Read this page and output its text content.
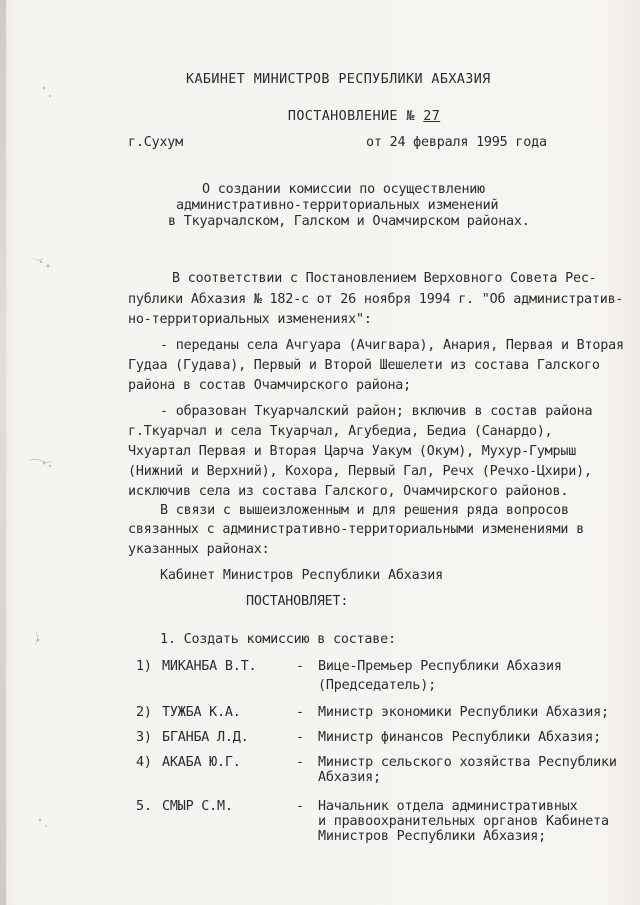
КАБИНЕТ МИНИСТРОВ РЕСПУБЛИКИ АБХАЗИЯ

ПОСТАНОВЛЕНИЕ № 27

г.Сухум	от 24 февраля 1995 года
О создании комиссии по осуществлению
административно-территориальных изменений
в Ткуарчалском, Галском и Очамчирском районах.
В соответствии с Постановлением Верховного Совета Рес-
публики Абхазия № 182-с от 26 ноября 1994 г. "Об административ-
но-территориальных изменениях":
- переданы села Ачгуара (Ачигвара), Анария, Первая и Вторая
Гудаа (Гудава), Первый и Второй Шешелети из состава Галского
района в состав Очамчирского района;
- образован Ткуарчалский район; включив в состав района
г.Ткуарчал и села Ткуарчал, Агубедиа, Бедиа (Санардо),
Чхуартал Первая и Вторая Царча Уакум (Окум), Мухур-Гумрыш
(Нижний и Верхний), Кохора, Первый Гал, Речх (Речхо-Цхири),
исключив села из состава Галского, Очамчирского районов.
В связи с вышеизложенным и для решения ряда вопросов
связанных с административно-территориальными изменениями в
указанных районах:
Кабинет Министров Республики Абхазия
ПОСТАНОВЛЯЕТ:
1. Создать комиссию в составе:
1) МИКАНБА В.Т.	- Вице-Премьер Республики Абхазия
(Председатель);
2) ТУЖБА К.А.	- Министр экономики Республики Абхазия;
3) БГАНБА Л.Д.	- Министр финансов Республики Абхазия;
4) АКАБА Ю.Г.	- Министр сельского хозяйства Республики
Абхазия;
5. СМЫР С.М.	- Начальник отдела административных
и правоохранительных органов Кабинета
Министров Республики Абхазия;
